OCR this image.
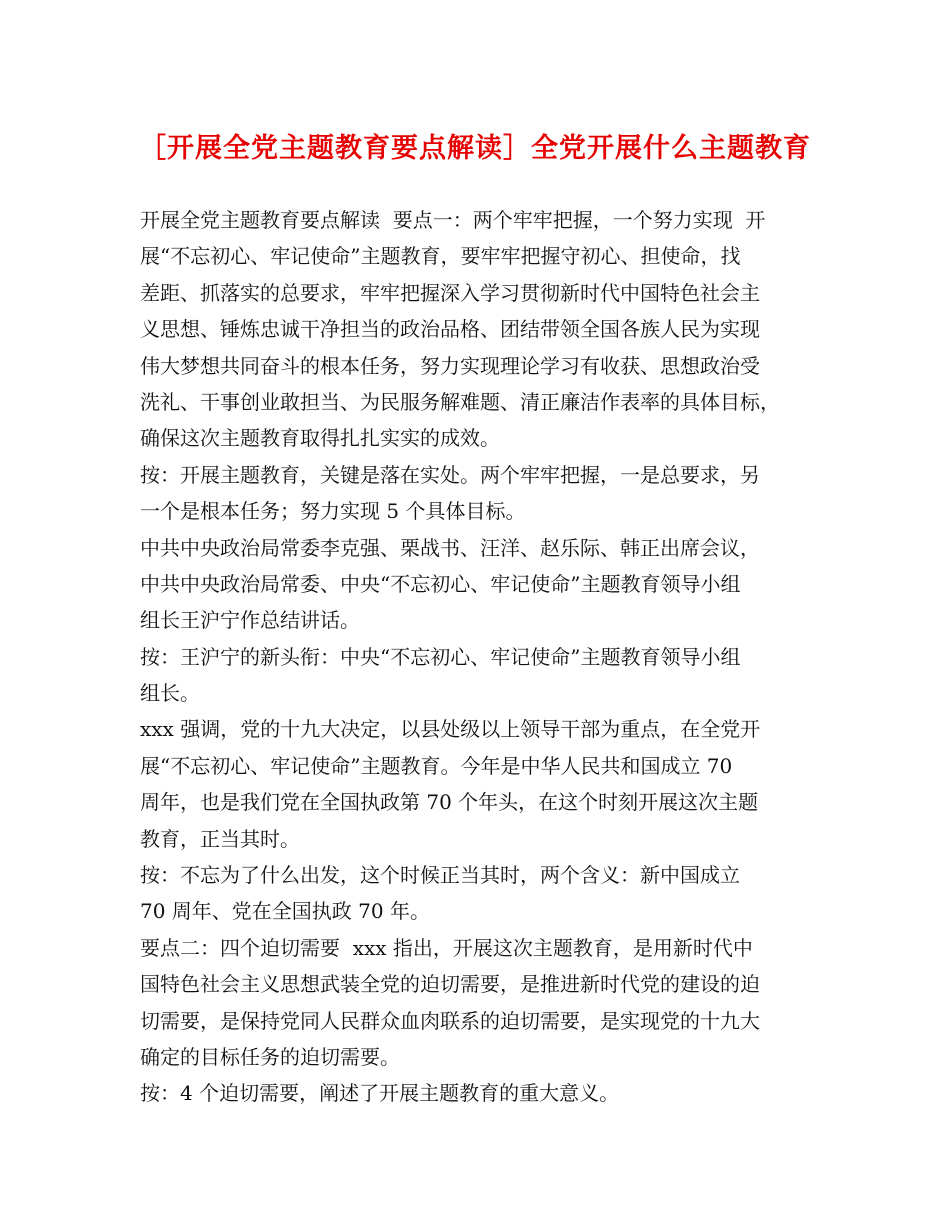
［开展全党主题教育要点解读］全党开展什么主题教育
开展全党主题教育要点解读  要点一：两个牢牢把握，一个努力实现  开
展“不忘初心、牢记使命”主题教育，要牢牢把握守初心、担使命，找
差距、抓落实的总要求，牢牢把握深入学习贯彻新时代中国特色社会主
义思想、锤炼忠诚干净担当的政治品格、团结带领全国各族人民为实现
伟大梦想共同奋斗的根本任务，努力实现理论学习有收获、思想政治受
洗礼、干事创业敢担当、为民服务解难题、清正廉洁作表率的具体目标，
确保这次主题教育取得扎扎实实的成效。
按：开展主题教育，关键是落在实处。两个牢牢把握，一是总要求，另
一个是根本任务；努力实现 5 个具体目标。
中共中央政治局常委李克强、栗战书、汪洋、赵乐际、韩正出席会议，
中共中央政治局常委、中央“不忘初心、牢记使命”主题教育领导小组
组长王沪宁作总结讲话。
按：王沪宁的新头衔：中央“不忘初心、牢记使命”主题教育领导小组
组长。
xxx 强调，党的十九大决定，以县处级以上领导干部为重点，在全党开
展“不忘初心、牢记使命”主题教育。今年是中华人民共和国成立 70
周年，也是我们党在全国执政第 70 个年头，在这个时刻开展这次主题
教育，正当其时。
按：不忘为了什么出发，这个时候正当其时，两个含义：新中国成立
70 周年、党在全国执政 70 年。
要点二：四个迫切需要  xxx 指出，开展这次主题教育，是用新时代中
国特色社会主义思想武装全党的迫切需要，是推进新时代党的建设的迫
切需要，是保持党同人民群众血肉联系的迫切需要，是实现党的十九大
确定的目标任务的迫切需要。
按：4 个迫切需要，阐述了开展主题教育的重大意义。
